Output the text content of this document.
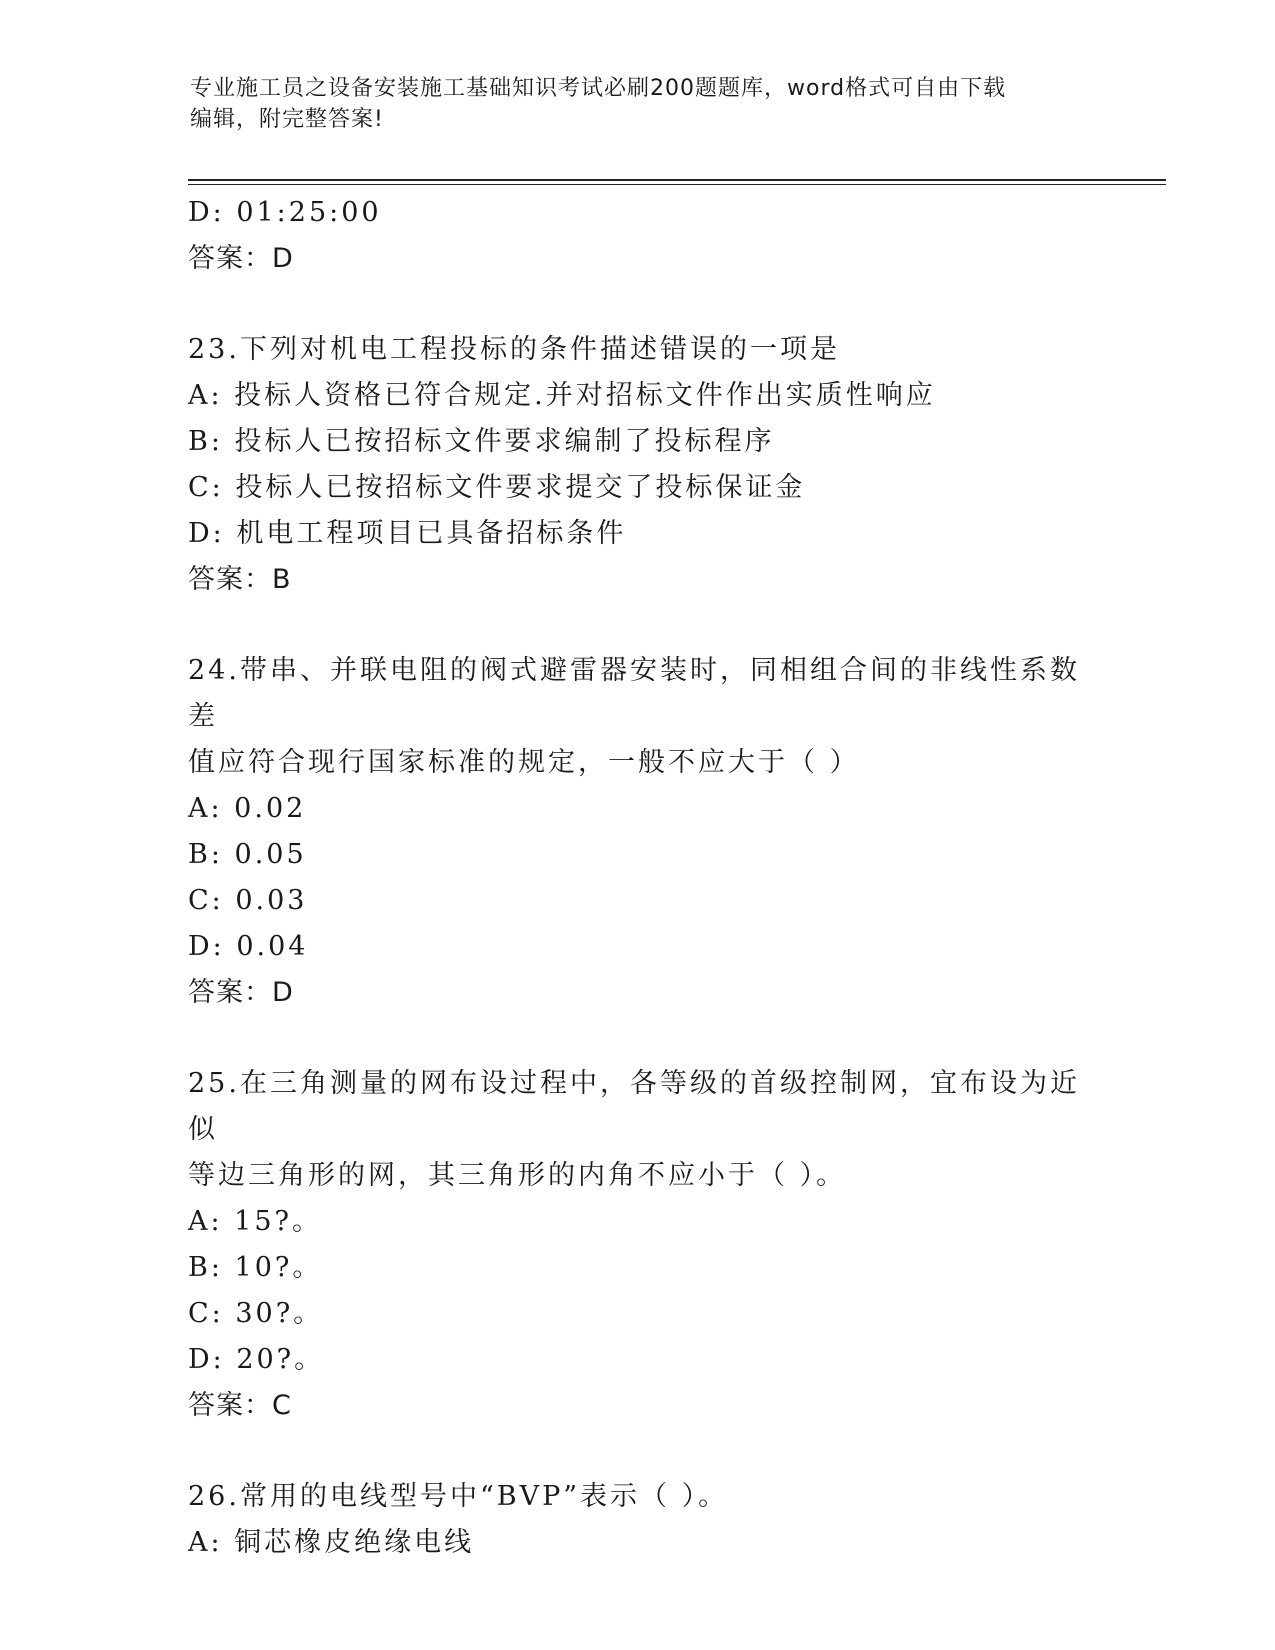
专业施工员之设备安装施工基础知识考试必刷200题题库，word格式可自由下载
编辑，附完整答案!
D: 01:25:00
答案：D
23.下列对机电工程投标的条件描述错误的一项是
A: 投标人资格已符合规定.并对招标文件作出实质性响应
B: 投标人已按招标文件要求编制了投标程序
C: 投标人已按招标文件要求提交了投标保证金
D: 机电工程项目已具备招标条件
答案：B
24.带串、并联电阻的阀式避雷器安装时，同相组合间的非线性系数差
值应符合现行国家标准的规定，一般不应大于（ ）
A: 0.02
B: 0.05
C: 0.03
D: 0.04
答案：D
25.在三角测量的网布设过程中，各等级的首级控制网，宜布设为近似
等边三角形的网，其三角形的内角不应小于（ ）。
A: 15?。
B: 10?。
C: 30?。
D: 20?。
答案：C
26.常用的电线型号中“BVP”表示（ ）。
A: 铜芯橡皮绝缘电线
